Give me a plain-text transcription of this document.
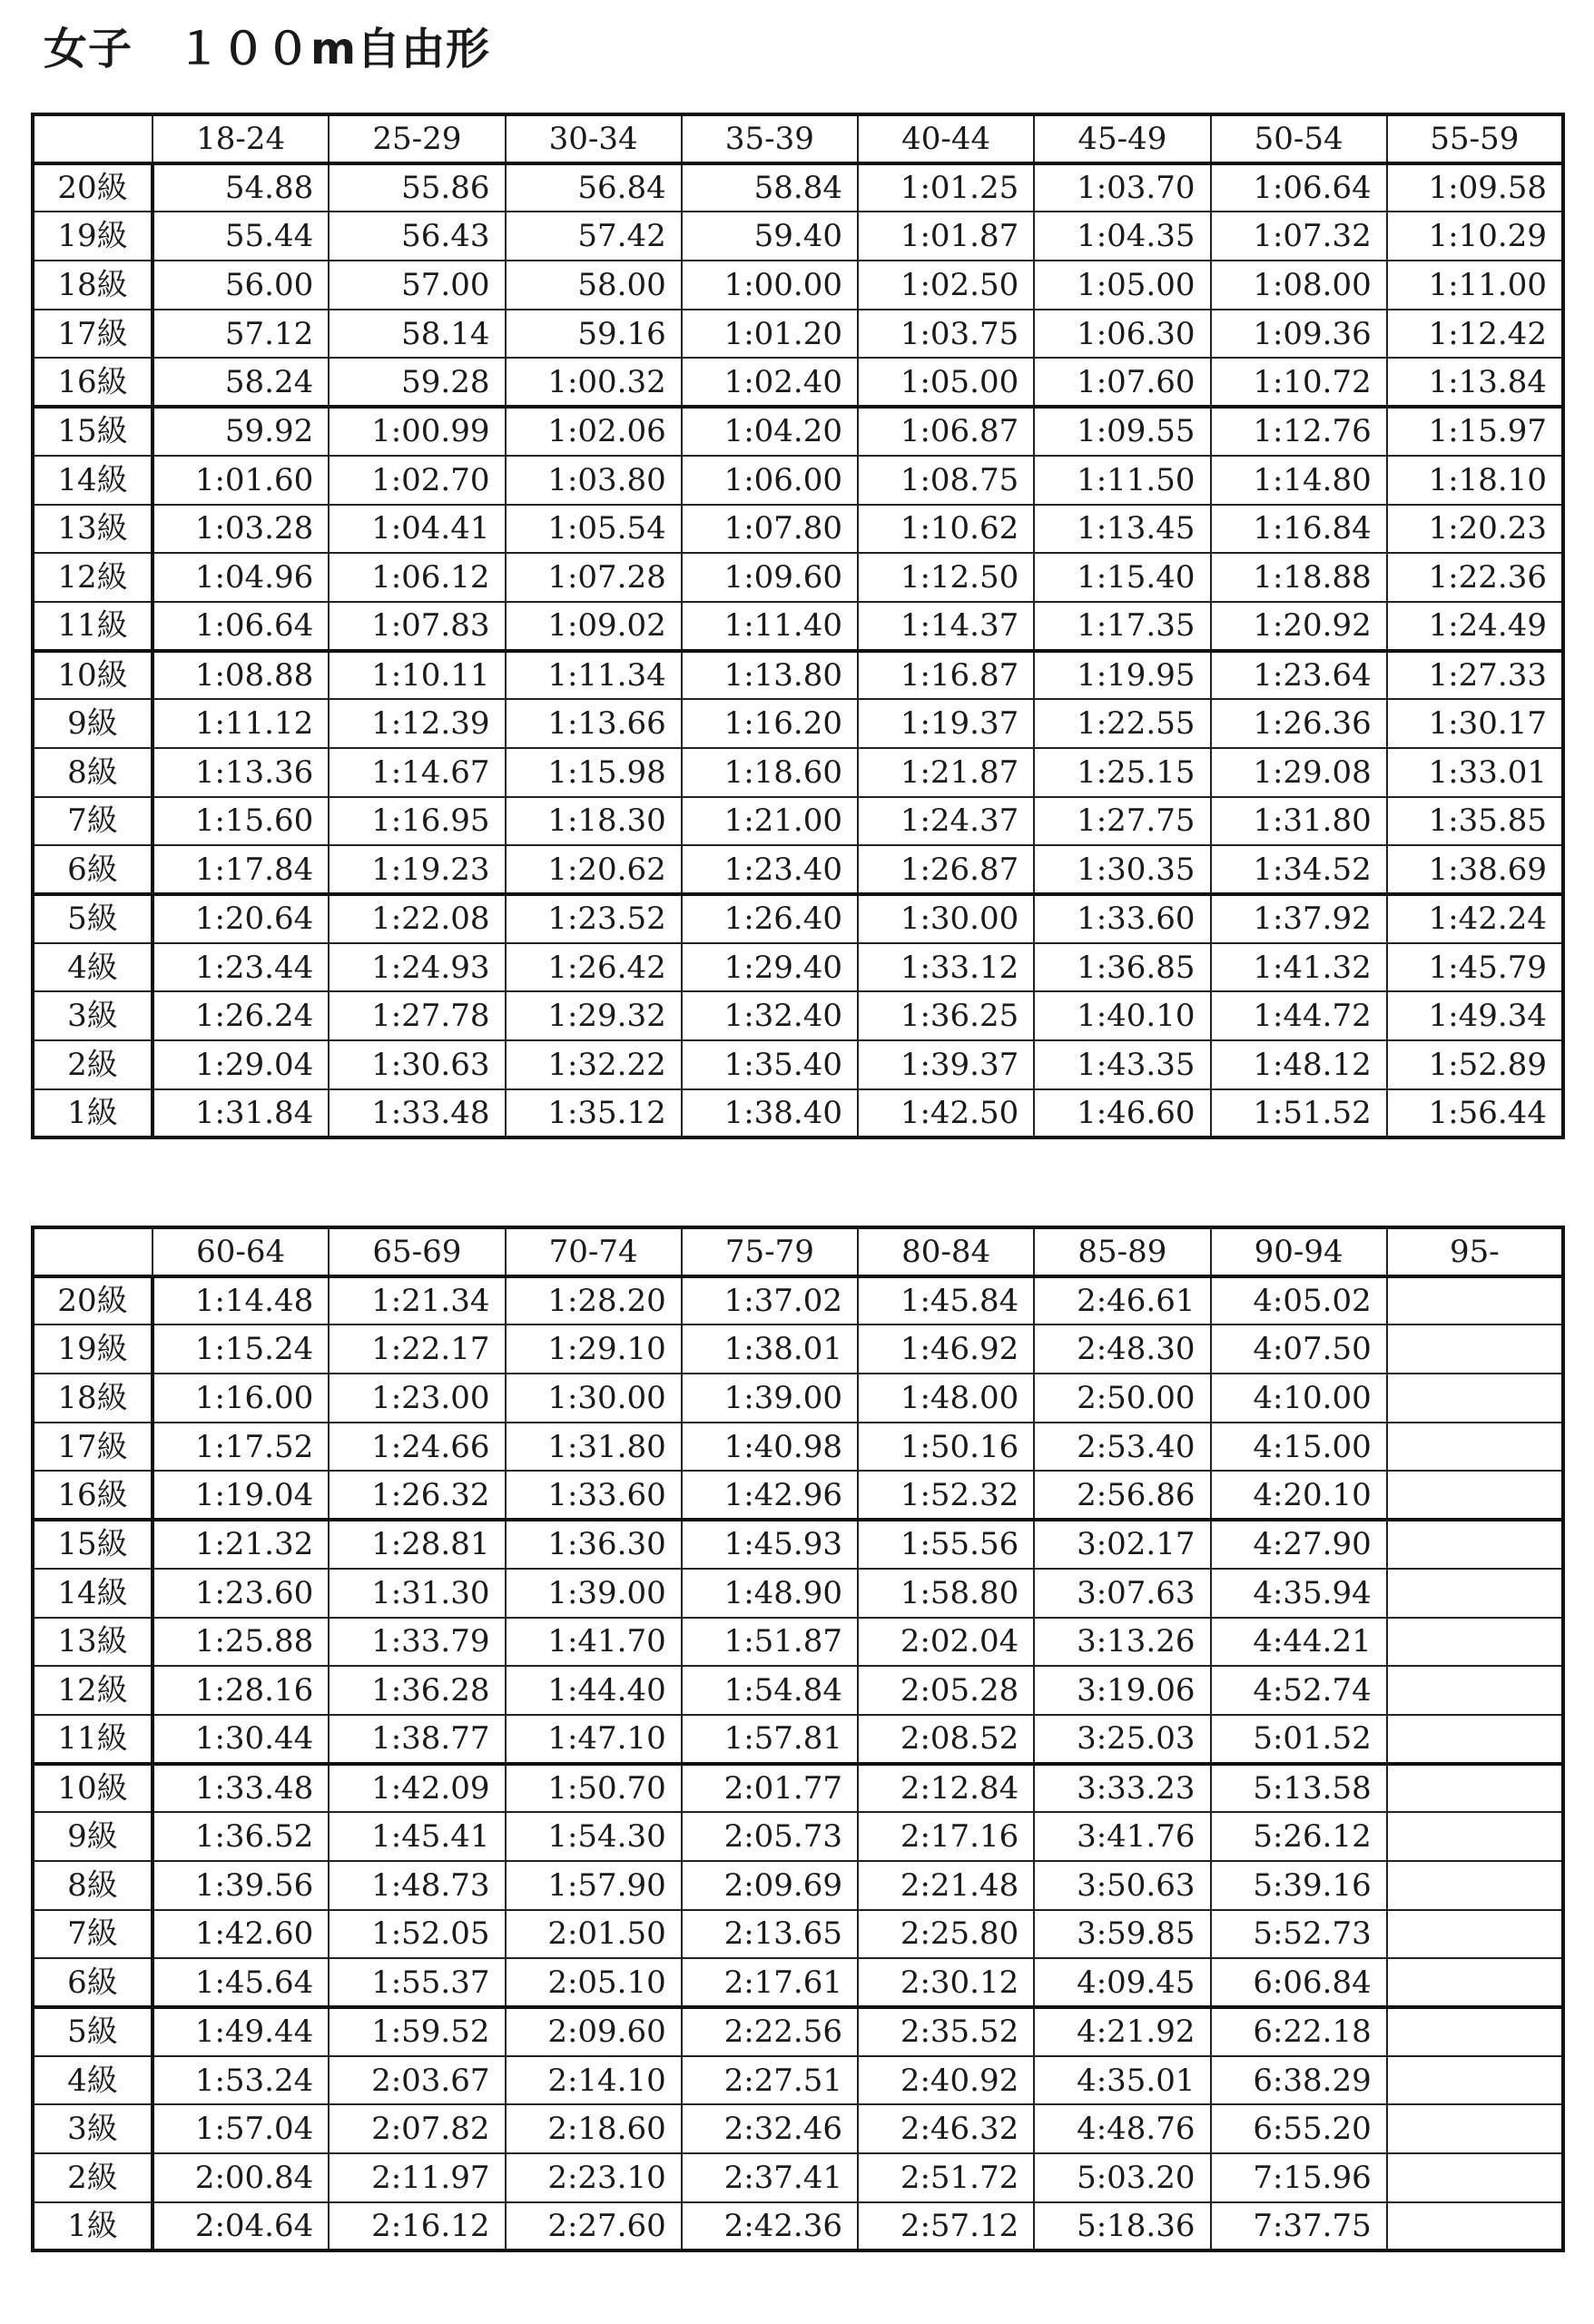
女子　１００m自由形
	18-24	25-29	30-34	35-39	40-44	45-49	50-54	55-59
20級	54.88	55.86	56.84	58.84	1:01.25	1:03.70	1:06.64	1:09.58
19級	55.44	56.43	57.42	59.40	1:01.87	1:04.35	1:07.32	1:10.29
18級	56.00	57.00	58.00	1:00.00	1:02.50	1:05.00	1:08.00	1:11.00
17級	57.12	58.14	59.16	1:01.20	1:03.75	1:06.30	1:09.36	1:12.42
16級	58.24	59.28	1:00.32	1:02.40	1:05.00	1:07.60	1:10.72	1:13.84
15級	59.92	1:00.99	1:02.06	1:04.20	1:06.87	1:09.55	1:12.76	1:15.97
14級	1:01.60	1:02.70	1:03.80	1:06.00	1:08.75	1:11.50	1:14.80	1:18.10
13級	1:03.28	1:04.41	1:05.54	1:07.80	1:10.62	1:13.45	1:16.84	1:20.23
12級	1:04.96	1:06.12	1:07.28	1:09.60	1:12.50	1:15.40	1:18.88	1:22.36
11級	1:06.64	1:07.83	1:09.02	1:11.40	1:14.37	1:17.35	1:20.92	1:24.49
10級	1:08.88	1:10.11	1:11.34	1:13.80	1:16.87	1:19.95	1:23.64	1:27.33
9級	1:11.12	1:12.39	1:13.66	1:16.20	1:19.37	1:22.55	1:26.36	1:30.17
8級	1:13.36	1:14.67	1:15.98	1:18.60	1:21.87	1:25.15	1:29.08	1:33.01
7級	1:15.60	1:16.95	1:18.30	1:21.00	1:24.37	1:27.75	1:31.80	1:35.85
6級	1:17.84	1:19.23	1:20.62	1:23.40	1:26.87	1:30.35	1:34.52	1:38.69
5級	1:20.64	1:22.08	1:23.52	1:26.40	1:30.00	1:33.60	1:37.92	1:42.24
4級	1:23.44	1:24.93	1:26.42	1:29.40	1:33.12	1:36.85	1:41.32	1:45.79
3級	1:26.24	1:27.78	1:29.32	1:32.40	1:36.25	1:40.10	1:44.72	1:49.34
2級	1:29.04	1:30.63	1:32.22	1:35.40	1:39.37	1:43.35	1:48.12	1:52.89
1級	1:31.84	1:33.48	1:35.12	1:38.40	1:42.50	1:46.60	1:51.52	1:56.44
	60-64	65-69	70-74	75-79	80-84	85-89	90-94	95-
20級	1:14.48	1:21.34	1:28.20	1:37.02	1:45.84	2:46.61	4:05.02	
19級	1:15.24	1:22.17	1:29.10	1:38.01	1:46.92	2:48.30	4:07.50	
18級	1:16.00	1:23.00	1:30.00	1:39.00	1:48.00	2:50.00	4:10.00	
17級	1:17.52	1:24.66	1:31.80	1:40.98	1:50.16	2:53.40	4:15.00	
16級	1:19.04	1:26.32	1:33.60	1:42.96	1:52.32	2:56.86	4:20.10	
15級	1:21.32	1:28.81	1:36.30	1:45.93	1:55.56	3:02.17	4:27.90	
14級	1:23.60	1:31.30	1:39.00	1:48.90	1:58.80	3:07.63	4:35.94	
13級	1:25.88	1:33.79	1:41.70	1:51.87	2:02.04	3:13.26	4:44.21	
12級	1:28.16	1:36.28	1:44.40	1:54.84	2:05.28	3:19.06	4:52.74	
11級	1:30.44	1:38.77	1:47.10	1:57.81	2:08.52	3:25.03	5:01.52	
10級	1:33.48	1:42.09	1:50.70	2:01.77	2:12.84	3:33.23	5:13.58	
9級	1:36.52	1:45.41	1:54.30	2:05.73	2:17.16	3:41.76	5:26.12	
8級	1:39.56	1:48.73	1:57.90	2:09.69	2:21.48	3:50.63	5:39.16	
7級	1:42.60	1:52.05	2:01.50	2:13.65	2:25.80	3:59.85	5:52.73	
6級	1:45.64	1:55.37	2:05.10	2:17.61	2:30.12	4:09.45	6:06.84	
5級	1:49.44	1:59.52	2:09.60	2:22.56	2:35.52	4:21.92	6:22.18	
4級	1:53.24	2:03.67	2:14.10	2:27.51	2:40.92	4:35.01	6:38.29	
3級	1:57.04	2:07.82	2:18.60	2:32.46	2:46.32	4:48.76	6:55.20	
2級	2:00.84	2:11.97	2:23.10	2:37.41	2:51.72	5:03.20	7:15.96	
1級	2:04.64	2:16.12	2:27.60	2:42.36	2:57.12	5:18.36	7:37.75	
